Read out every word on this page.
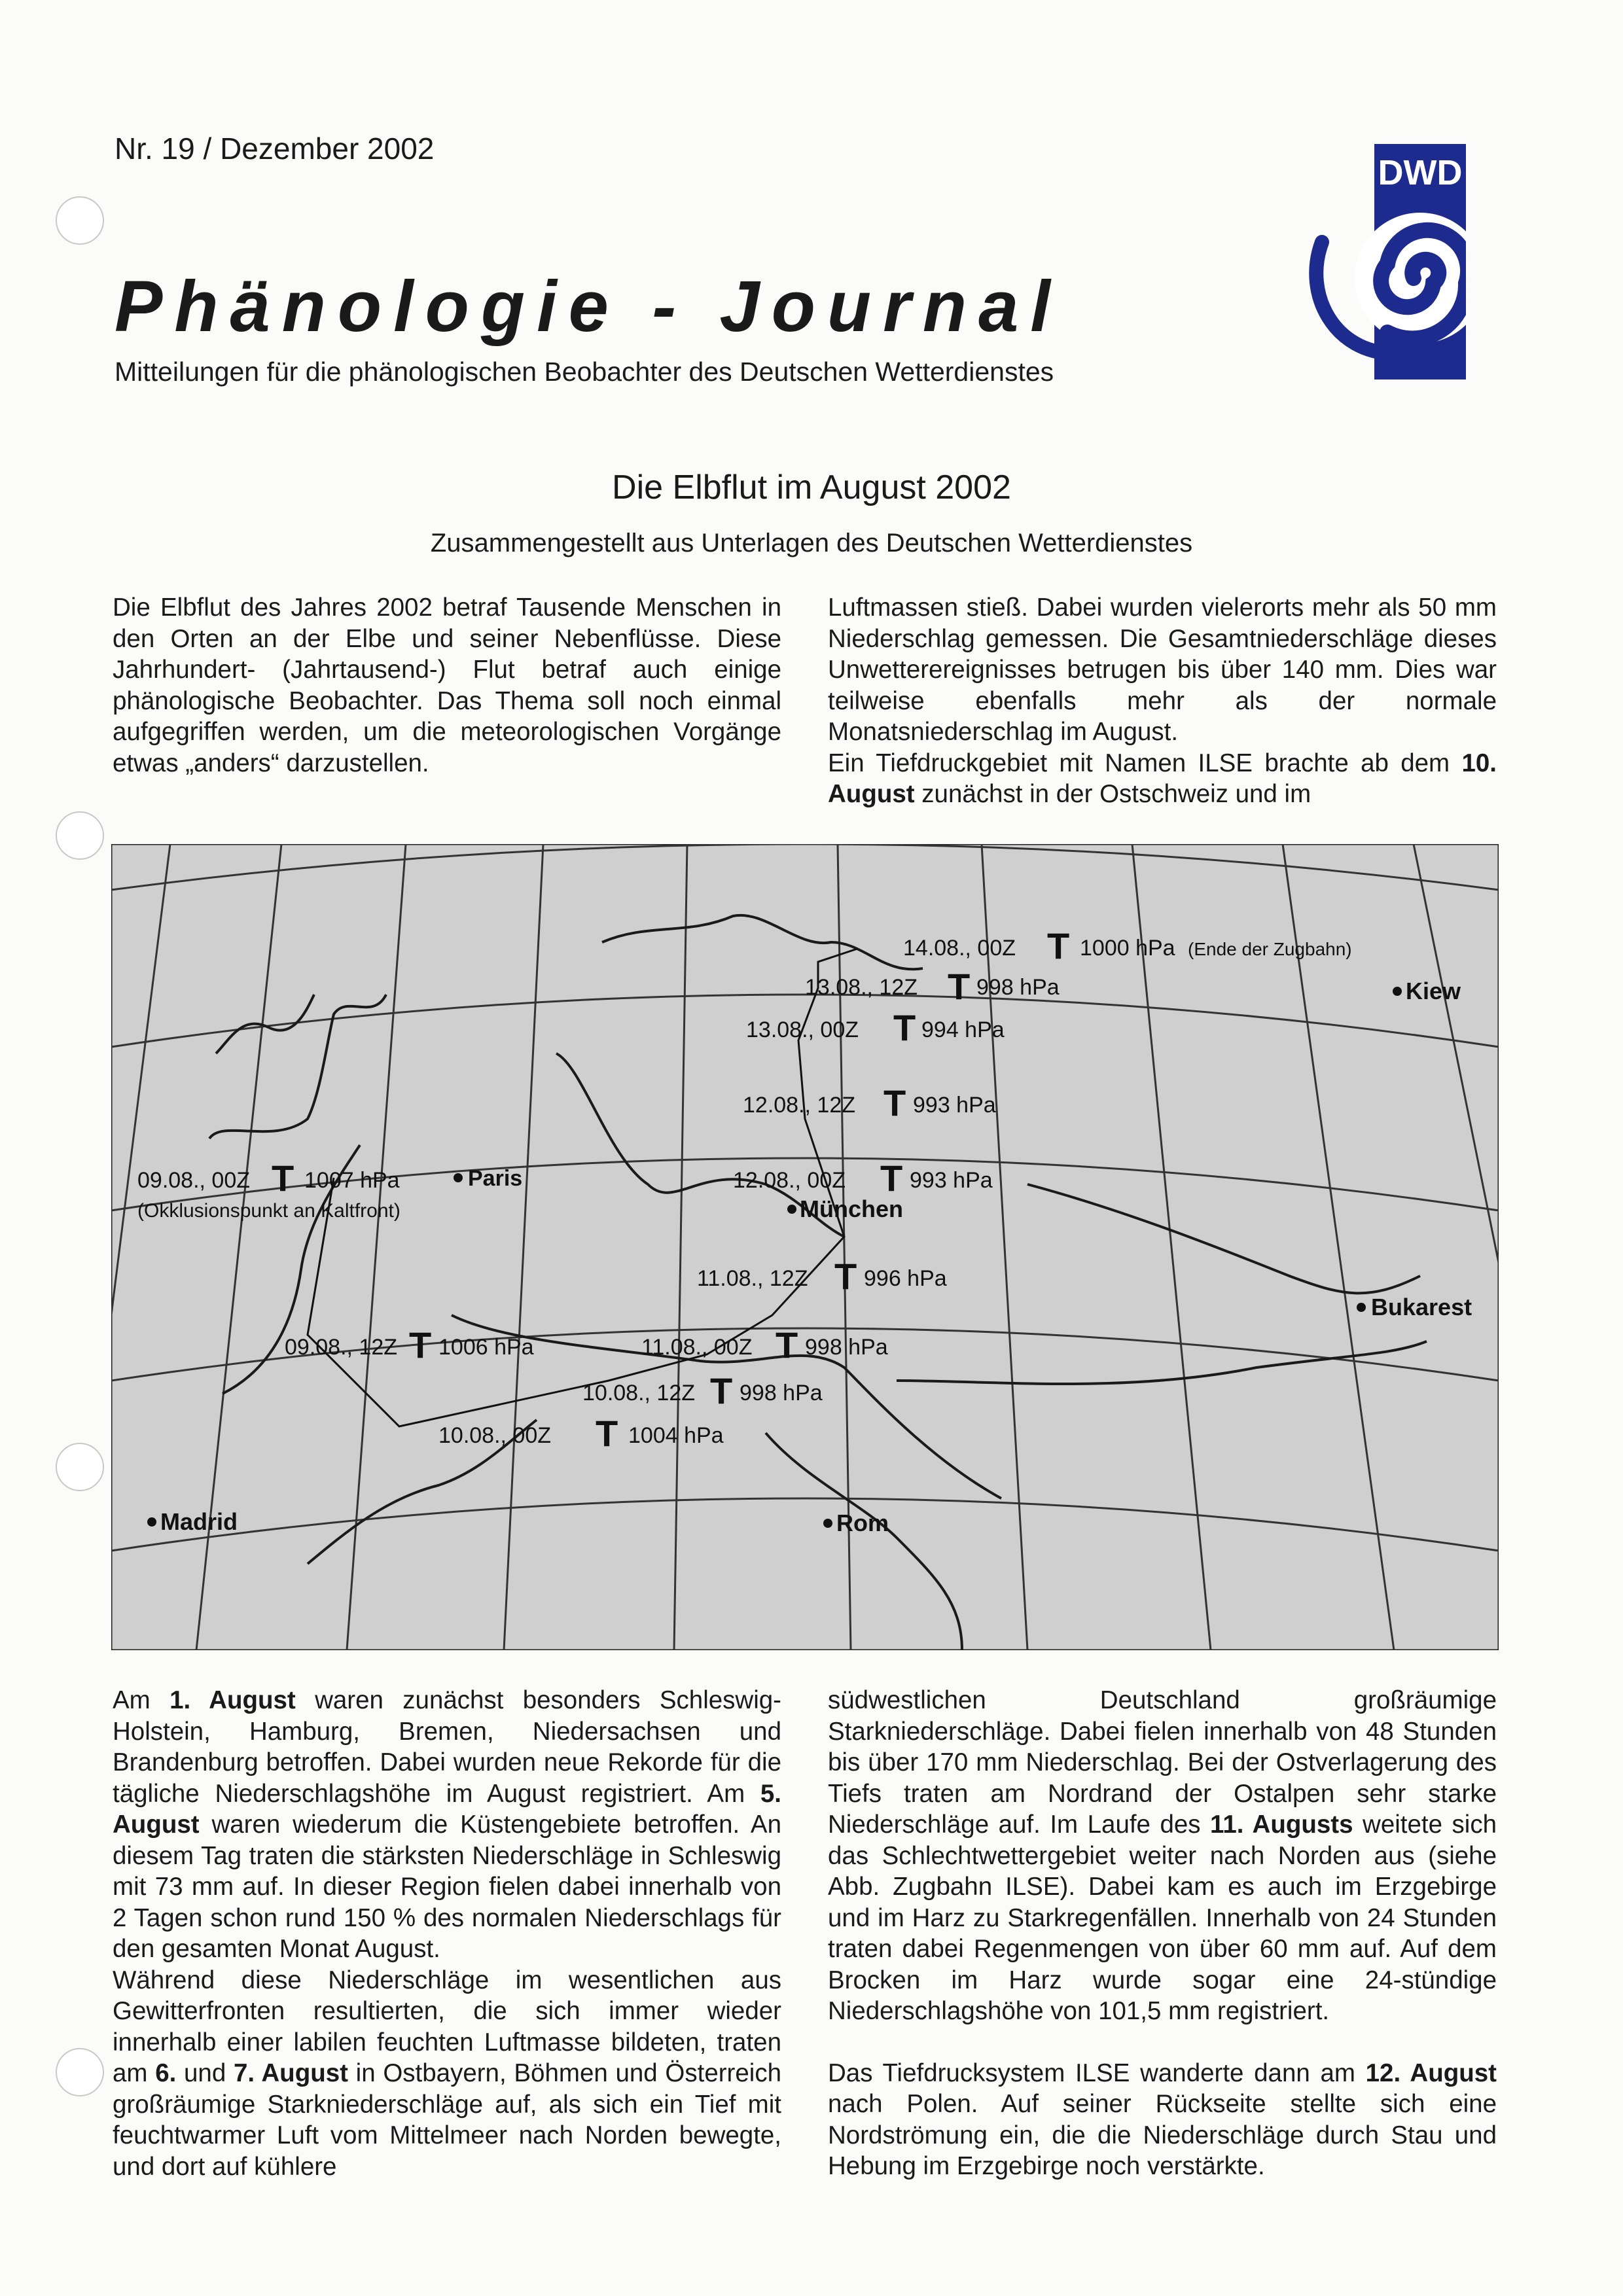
Nr. 19 / Dezember 2002
Phänologie - Journal
Mitteilungen für die phänologischen Beobachter des Deutschen Wetterdienstes
DWD
Die Elbflut im August 2002
Zusammengestellt aus Unterlagen des Deutschen Wetterdienstes

Die Elbflut des Jahres 2002 betraf Tausende Menschen in den Orten an der Elbe und seiner Nebenflüsse. Diese Jahrhundert- (Jahrtausend-) Flut betraf auch einige phänologische Beobachter. Das Thema soll noch einmal aufgegriffen werden, um die meteorologischen Vorgänge etwas „anders“ darzustellen.

Luftmassen stieß. Dabei wurden vielerorts mehr als 50 mm Niederschlag gemessen. Die Gesamtniederschläge dieses Unwetterereignisses betrugen bis über 140 mm. Dies war teilweise ebenfalls mehr als der normale Monatsniederschlag im August.

Ein Tiefdruckgebiet mit Namen ILSE brachte ab dem 10. August zunächst in der Ostschweiz und im

Kiew
Paris
München
Bukarest
Madrid	Rom
14.08., 00Z T 1000 hPa (Ende der Zugbahn)
13.08., 12Z T 998 hPa
13.08., 00Z T 994 hPa
12.08., 12Z T 993 hPa
12.08., 00Z T 993 hPa
11.08., 12Z T 996 hPa
11.08., 00Z T 998 hPa
10.08., 12Z T 998 hPa
10.08., 00Z T 1004 hPa
09.08., 12Z T 1006 hPa
09.08., 00Z T 1007 hPa
(Okklusionspunkt an Kaltfront)

Am 1. August waren zunächst besonders Schleswig-Holstein, Hamburg, Bremen, Niedersachsen und Brandenburg betroffen. Dabei wurden neue Rekorde für die tägliche Niederschlagshöhe im August registriert. Am 5. August waren wiederum die Küstengebiete betroffen. An diesem Tag traten die stärksten Niederschläge in Schleswig mit 73 mm auf. In dieser Region fielen dabei innerhalb von 2 Tagen schon rund 150 % des normalen Niederschlags für den gesamten Monat August.

Während diese Niederschläge im wesentlichen aus Gewitterfronten resultierten, die sich immer wieder innerhalb einer labilen feuchten Luftmasse bildeten, traten am 6. und 7. August in Ostbayern, Böhmen und Österreich großräumige Starkniederschläge auf, als sich ein Tief mit feuchtwarmer Luft vom Mittelmeer nach Norden bewegte, und dort auf kühlere

südwestlichen Deutschland großräumige Starkniederschläge. Dabei fielen innerhalb von 48 Stunden bis über 170 mm Niederschlag. Bei der Ostverlagerung des Tiefs traten am Nordrand der Ostalpen sehr starke Niederschläge auf. Im Laufe des 11. Augusts weitete sich das Schlechtwettergebiet weiter nach Norden aus (siehe Abb. Zugbahn ILSE). Dabei kam es auch im Erzgebirge und im Harz zu Starkregenfällen. Innerhalb von 24 Stunden traten dabei Regenmengen von über 60 mm auf. Auf dem Brocken im Harz wurde sogar eine 24-stündige Niederschlagshöhe von 101,5 mm registriert.

Das Tiefdrucksystem ILSE wanderte dann am 12. August nach Polen. Auf seiner Rückseite stellte sich eine Nordströmung ein, die die Niederschläge durch Stau und Hebung im Erzgebirge noch verstärkte.
